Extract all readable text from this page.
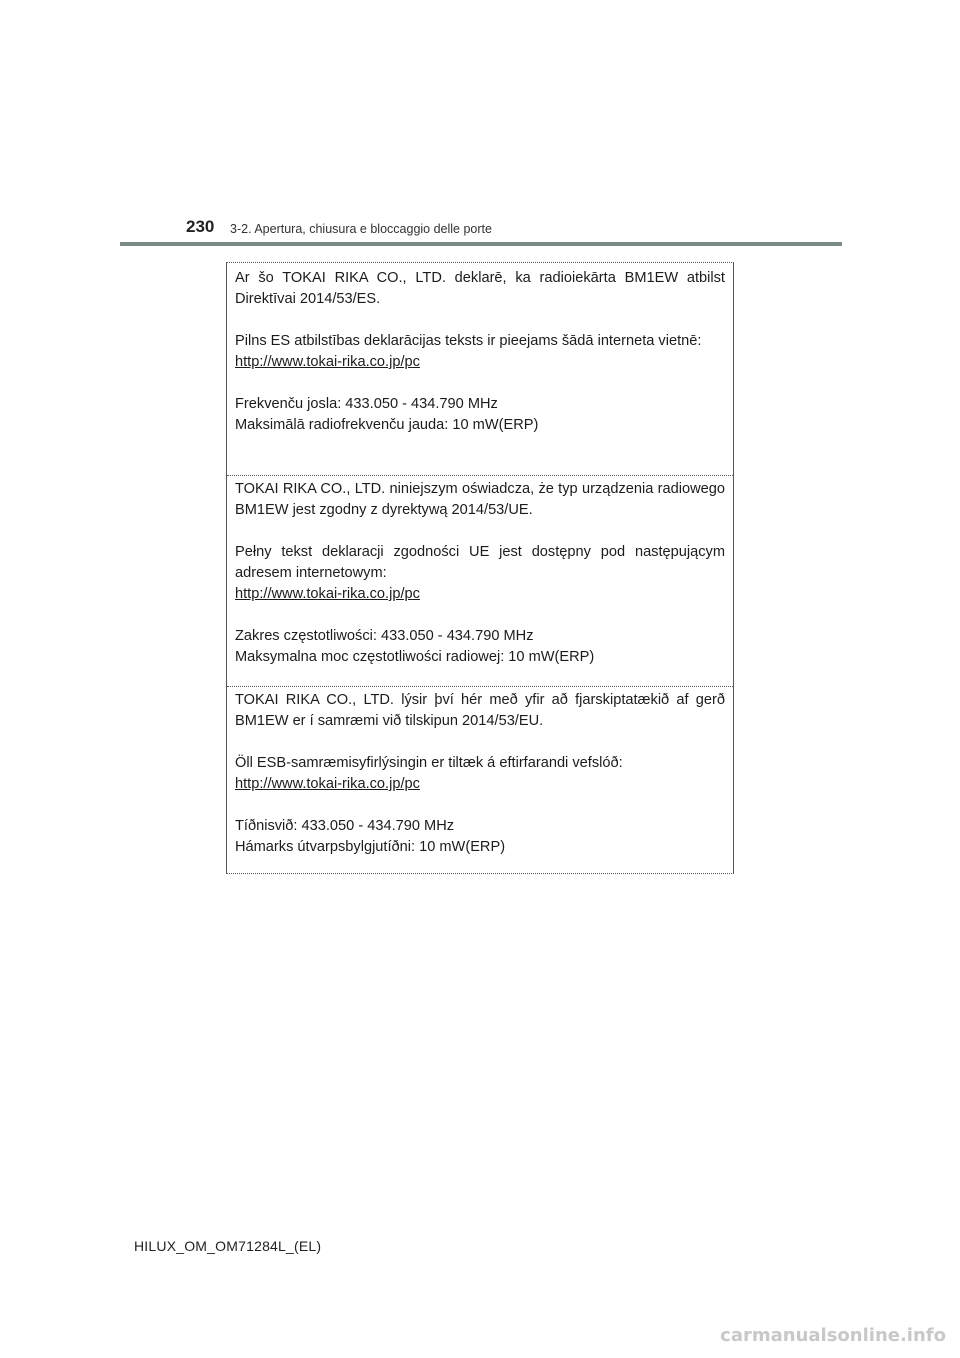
230 3-2. Apertura, chiusura e bloccaggio delle porte

Ar šo TOKAI RIKA CO., LTD. deklarē, ka radioiekārta BM1EW atbilst Direktīvai 2014/53/ES.

Pilns ES atbilstības deklarācijas teksts ir pieejams šādā interneta vietnē:

http://www.tokai-rika.co.jp/pc

Frekvenču josla: 433.050 - 434.790 MHz

Maksimālā radiofrekvenču jauda: 10 mW(ERP)

TOKAI RIKA CO., LTD. niniejszym oświadcza, że typ urządzenia radiowego BM1EW jest zgodny z dyrektywą 2014/53/UE.

Pełny tekst deklaracji zgodności UE jest dostępny pod następującym adresem internetowym:

http://www.tokai-rika.co.jp/pc

Zakres częstotliwości: 433.050 - 434.790 MHz

Maksymalna moc częstotliwości radiowej: 10 mW(ERP)

TOKAI RIKA CO., LTD. lýsir því hér með yfir að fjarskiptatækið af gerð BM1EW er í samræmi við tilskipun 2014/53/EU.

Öll ESB-samræmisyfirlýsingin er tiltæk á eftirfarandi vefslóð:

http://www.tokai-rika.co.jp/pc

Tíðnisvið: 433.050 - 434.790 MHz

Hámarks útvarpsbylgjutíðni: 10 mW(ERP)

HILUX_OM_OM71284L_(EL)
carmanualsonline.info
